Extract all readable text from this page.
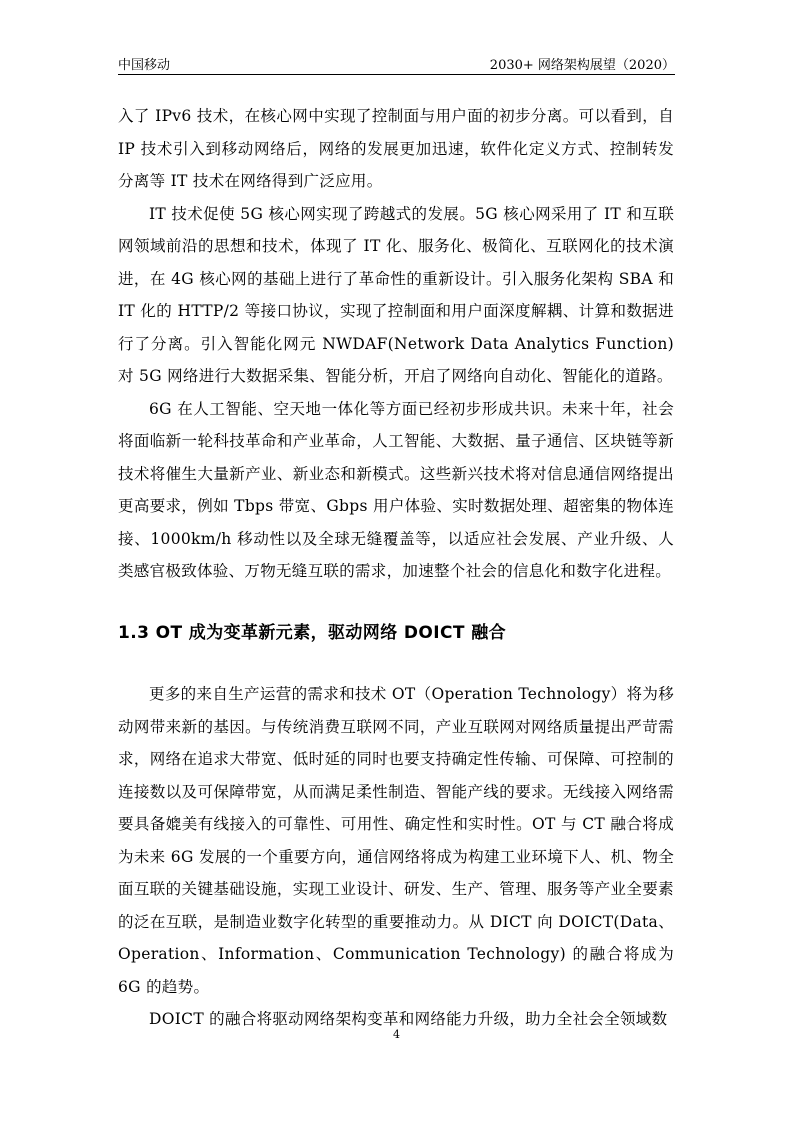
中国移动	2030+ 网络架构展望（2020）

入了 IPv6 技术，在核心网中实现了控制面与用户面的初步分离。可以看到，自 IP 技术引入到移动网络后，网络的发展更加迅速，软件化定义方式、控制转发分离等 IT 技术在网络得到广泛应用。

IT 技术促使 5G 核心网实现了跨越式的发展。5G 核心网采用了 IT 和互联网领域前沿的思想和技术，体现了 IT 化、服务化、极简化、互联网化的技术演进，在 4G 核心网的基础上进行了革命性的重新设计。引入服务化架构 SBA 和 IT 化的 HTTP/2 等接口协议，实现了控制面和用户面深度解耦、计算和数据进行了分离。引入智能化网元 NWDAF(Network Data Analytics Function)对 5G 网络进行大数据采集、智能分析，开启了网络向自动化、智能化的道路。

6G 在人工智能、空天地一体化等方面已经初步形成共识。未来十年，社会将面临新一轮科技革命和产业革命，人工智能、大数据、量子通信、区块链等新技术将催生大量新产业、新业态和新模式。这些新兴技术将对信息通信网络提出更高要求，例如 Tbps 带宽、Gbps 用户体验、实时数据处理、超密集的物体连接、1000km/h 移动性以及全球无缝覆盖等，以适应社会发展、产业升级、人类感官极致体验、万物无缝互联的需求，加速整个社会的信息化和数字化进程。

1.3 OT 成为变革新元素，驱动网络 DOICT 融合

更多的来自生产运营的需求和技术 OT（Operation Technology）将为移动网带来新的基因。与传统消费互联网不同，产业互联网对网络质量提出严苛需求，网络在追求大带宽、低时延的同时也要支持确定性传输、可保障、可控制的连接数以及可保障带宽，从而满足柔性制造、智能产线的要求。无线接入网络需要具备媲美有线接入的可靠性、可用性、确定性和实时性。OT 与 CT 融合将成为未来 6G 发展的一个重要方向，通信网络将成为构建工业环境下人、机、物全面互联的关键基础设施，实现工业设计、研发、生产、管理、服务等产业全要素的泛在互联，是制造业数字化转型的重要推动力。从 DICT 向 DOICT(Data、Operation、Information、Communication Technology) 的融合将成为 6G 的趋势。

DOICT 的融合将驱动网络架构变革和网络能力升级，助力全社会全领域数

4
